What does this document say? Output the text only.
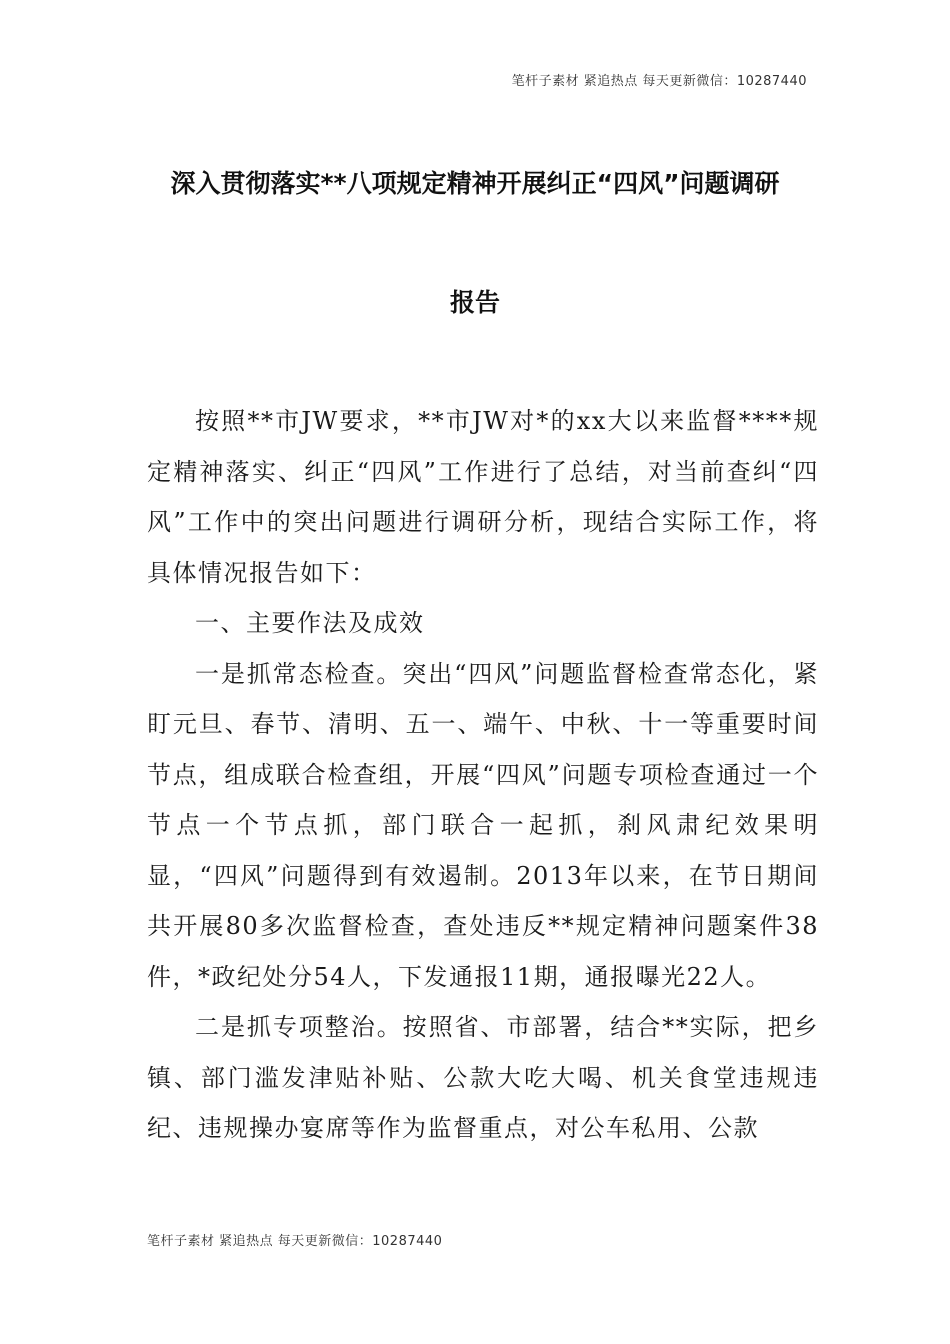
笔杆子素材 紧追热点 每天更新微信：10287440
深入贯彻落实**八项规定精神开展纠正“四风”问题调研
报告

按照**市JW要求，**市JW对*的xx大以来监督****规定精神落实、纠正“四风”工作进行了总结，对当前查纠“四风”工作中的突出问题进行调研分析，现结合实际工作，将具体情况报告如下：

一、主要作法及成效

一是抓常态检查。突出“四风”问题监督检查常态化，紧盯元旦、春节、清明、五一、端午、中秋、十一等重要时间节点，组成联合检查组，开展“四风”问题专项检查通过一个节点一个节点抓，部门联合一起抓，刹风肃纪效果明显，“四风”问题得到有效遏制。2013年以来，在节日期间共开展80多次监督检查，查处违反**规定精神问题案件38件，*政纪处分54人，下发通报11期，通报曝光22人。

二是抓专项整治。按照省、市部署，结合**实际，把乡镇、部门滥发津贴补贴、公款大吃大喝、机关食堂违规违纪、违规操办宴席等作为监督重点，对公车私用、公款

笔杆子素材 紧追热点 每天更新微信：10287440
